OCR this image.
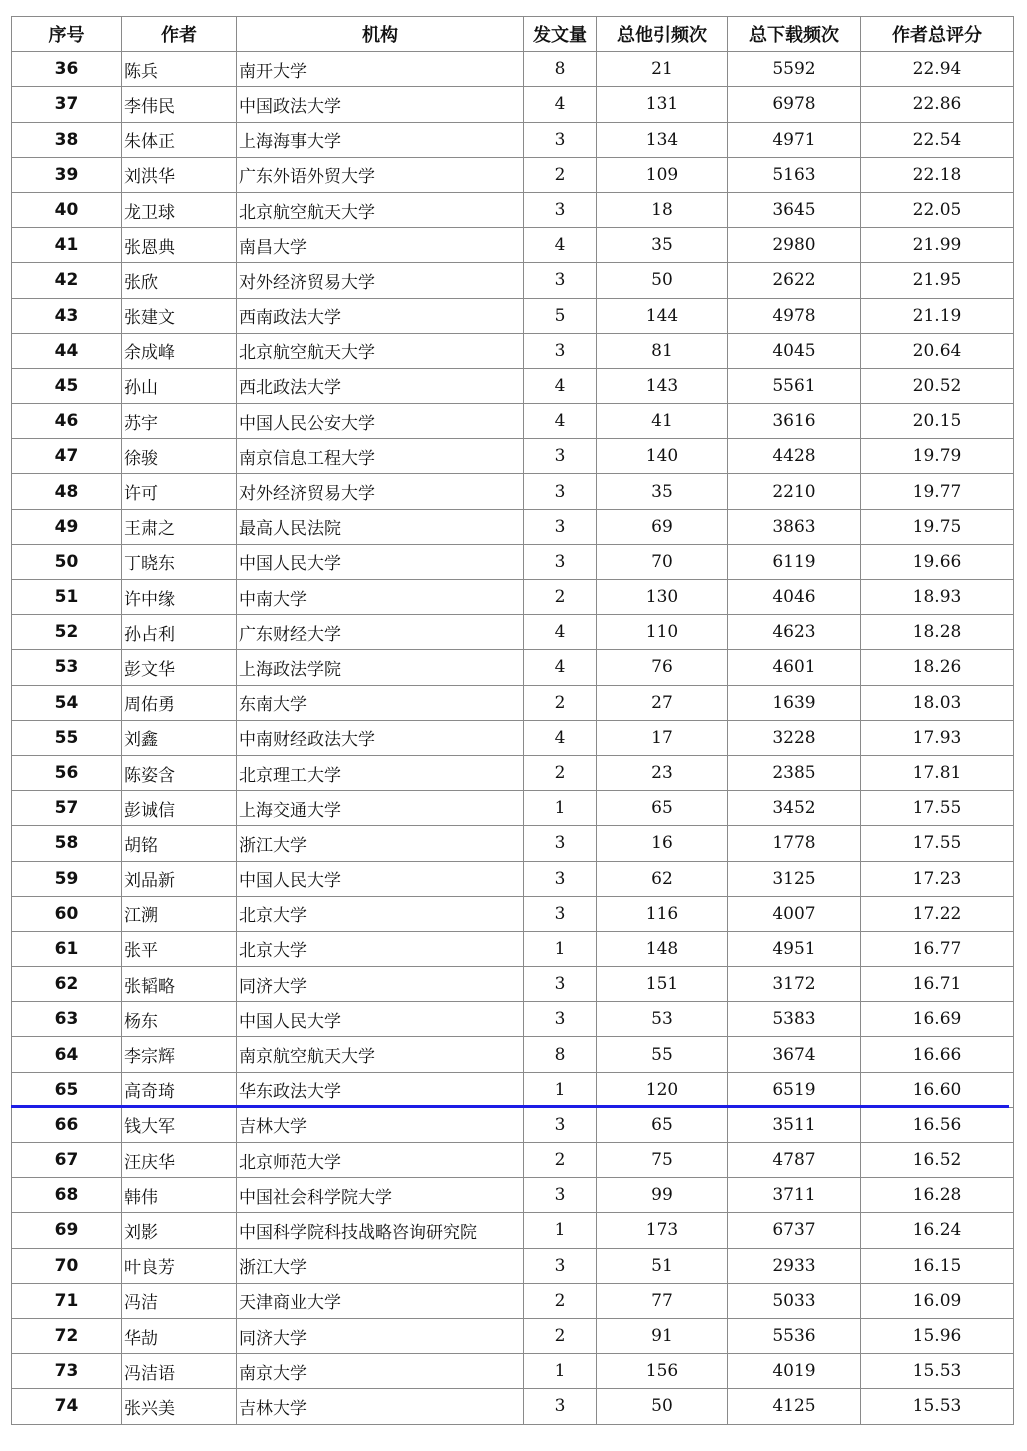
序号	作者	机构	发文量	总他引频次	总下载频次	作者总评分
36	陈兵	南开大学	8	21	5592	22.94
37	李伟民	中国政法大学	4	131	6978	22.86
38	朱体正	上海海事大学	3	134	4971	22.54
39	刘洪华	广东外语外贸大学	2	109	5163	22.18
40	龙卫球	北京航空航天大学	3	18	3645	22.05
41	张恩典	南昌大学	4	35	2980	21.99
42	张欣	对外经济贸易大学	3	50	2622	21.95
43	张建文	西南政法大学	5	144	4978	21.19
44	余成峰	北京航空航天大学	3	81	4045	20.64
45	孙山	西北政法大学	4	143	5561	20.52
46	苏宇	中国人民公安大学	4	41	3616	20.15
47	徐骏	南京信息工程大学	3	140	4428	19.79
48	许可	对外经济贸易大学	3	35	2210	19.77
49	王肃之	最高人民法院	3	69	3863	19.75
50	丁晓东	中国人民大学	3	70	6119	19.66
51	许中缘	中南大学	2	130	4046	18.93
52	孙占利	广东财经大学	4	110	4623	18.28
53	彭文华	上海政法学院	4	76	4601	18.26
54	周佑勇	东南大学	2	27	1639	18.03
55	刘鑫	中南财经政法大学	4	17	3228	17.93
56	陈姿含	北京理工大学	2	23	2385	17.81
57	彭诚信	上海交通大学	1	65	3452	17.55
58	胡铭	浙江大学	3	16	1778	17.55
59	刘品新	中国人民大学	3	62	3125	17.23
60	江溯	北京大学	3	116	4007	17.22
61	张平	北京大学	1	148	4951	16.77
62	张韬略	同济大学	3	151	3172	16.71
63	杨东	中国人民大学	3	53	5383	16.69
64	李宗辉	南京航空航天大学	8	55	3674	16.66
65	高奇琦	华东政法大学	1	120	6519	16.60
66	钱大军	吉林大学	3	65	3511	16.56
67	汪庆华	北京师范大学	2	75	4787	16.52
68	韩伟	中国社会科学院大学	3	99	3711	16.28
69	刘影	中国科学院科技战略咨询研究院	1	173	6737	16.24
70	叶良芳	浙江大学	3	51	2933	16.15
71	冯洁	天津商业大学	2	77	5033	16.09
72	华劼	同济大学	2	91	5536	15.96
73	冯洁语	南京大学	1	156	4019	15.53
74	张兴美	吉林大学	3	50	4125	15.53
